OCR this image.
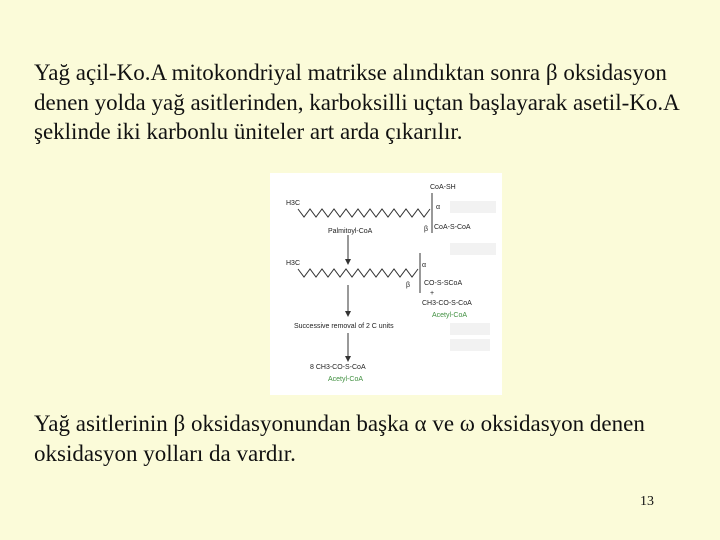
Yağ açil-Ko.A mitokondriyal matrikse alındıktan sonra β oksidasyon denen yolda yağ asitlerinden, karboksilli uçtan başlayarak asetil-Ko.A şeklinde iki karbonlu üniteler art arda çıkarılır.

H3C
CoA-SH
α
Palmitoyl-CoA	β CoA-S-CoA
H3C	α
β CO-S-SCoA
+
CH3-CO-S-CoA
Acetyl-CoA
Successive removal of 2 C units
8 CH3-CO-S-CoA
Acetyl-CoA

Yağ asitlerinin β oksidasyonundan başka α ve ω oksidasyon denen oksidasyon yolları da vardır.

13
